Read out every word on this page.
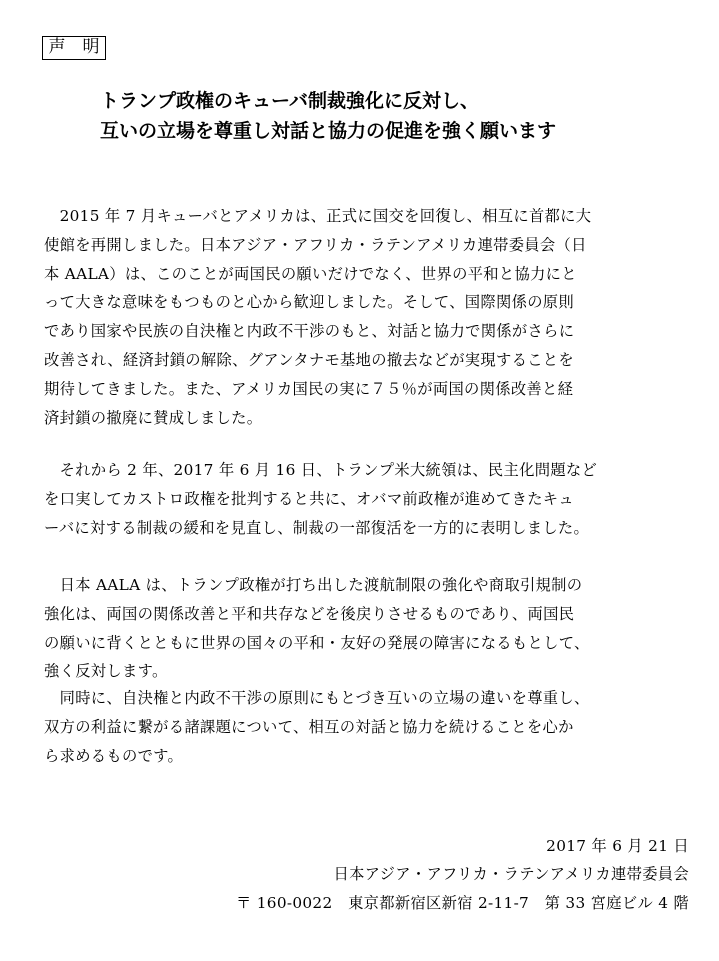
声　明
トランプ政権のキューバ制裁強化に反対し、
互いの立場を尊重し対話と協力の促進を強く願います
　2015 年 7 月キューバとアメリカは、正式に国交を回復し、相互に首都に大
使館を再開しました。日本アジア・アフリカ・ラテンアメリカ連帯委員会（日
本 AALA）は、このことが両国民の願いだけでなく、世界の平和と協力にと
って大きな意味をもつものと心から歓迎しました。そして、国際関係の原則
であり国家や民族の自決権と内政不干渉のもと、対話と協力で関係がさらに
改善され、経済封鎖の解除、グアンタナモ基地の撤去などが実現することを
期待してきました。また、アメリカ国民の実に７５％が両国の関係改善と経
済封鎖の撤廃に賛成しました。
　それから 2 年、2017 年 6 月 16 日、トランプ米大統領は、民主化問題など
を口実してカストロ政権を批判すると共に、オバマ前政権が進めてきたキュ
ーバに対する制裁の緩和を見直し、制裁の一部復活を一方的に表明しました。
　日本 AALA は、トランプ政権が打ち出した渡航制限の強化や商取引規制の
強化は、両国の関係改善と平和共存などを後戻りさせるものであり、両国民
の願いに背くとともに世界の国々の平和・友好の発展の障害になるもとして、
強く反対します。
　同時に、自決権と内政不干渉の原則にもとづき互いの立場の違いを尊重し、
双方の利益に繋がる諸課題について、相互の対話と協力を続けることを心か
ら求めるものです。
2017 年 6 月 21 日
日本アジア・アフリカ・ラテンアメリカ連帯委員会
〒 160-0022　東京都新宿区新宿 2-11-7　第 33 宮庭ビル 4 階
